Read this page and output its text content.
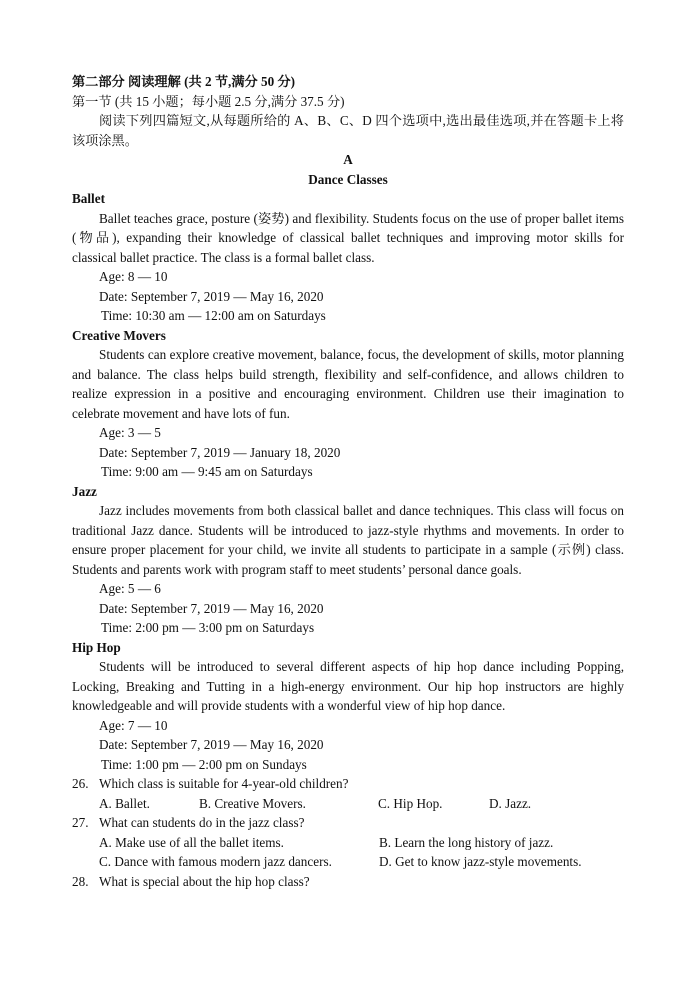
第二部分 阅读理解 (共 2 节,满分 50 分)
第一节 (共 15 小题；每小题 2.5 分,满分 37.5 分)
阅读下列四篇短文,从每题所给的 A、B、C、D 四个选项中,选出最佳选项,并在答题卡上将该项涂黑。
A
Dance Classes
Ballet
Ballet teaches grace, posture (姿势) and flexibility. Students focus on the use of proper ballet items (物品), expanding their knowledge of classical ballet techniques and improving motor skills for classical ballet practice. The class is a formal ballet class.
Age: 8 — 10
Date: September 7, 2019 — May 16, 2020
Time: 10:30 am — 12:00 am on Saturdays
Creative Movers
Students can explore creative movement, balance, focus, the development of skills, motor planning and balance. The class helps build strength, flexibility and self-confidence, and allows children to realize expression in a positive and encouraging environment. Children use their imagination to celebrate movement and have lots of fun.
Age: 3 — 5
Date: September 7, 2019 — January 18, 2020
Time: 9:00 am — 9:45 am on Saturdays
Jazz
Jazz includes movements from both classical ballet and dance techniques. This class will focus on traditional Jazz dance. Students will be introduced to jazz-style rhythms and movements. In order to ensure proper placement for your child, we invite all students to participate in a sample (示例) class. Students and parents work with program staff to meet students’ personal dance goals.
Age: 5 — 6
Date: September 7, 2019 — May 16, 2020
Time: 2:00 pm — 3:00 pm on Saturdays
Hip Hop
Students will be introduced to several different aspects of hip hop dance including Popping, Locking, Breaking and Tutting in a high-energy environment. Our hip hop instructors are highly knowledgeable and will provide students with a wonderful view of hip hop dance.
Age: 7 — 10
Date: September 7, 2019 — May 16, 2020
Time: 1:00 pm — 2:00 pm on Sundays
26. Which class is suitable for 4-year-old children?
A. Ballet.	B. Creative Movers.	C. Hip Hop.	D. Jazz.
27. What can students do in the jazz class?
A. Make use of all the ballet items.	B. Learn the long history of jazz.
C. Dance with famous modern jazz dancers.	D. Get to know jazz-style movements.
28. What is special about the hip hop class?
